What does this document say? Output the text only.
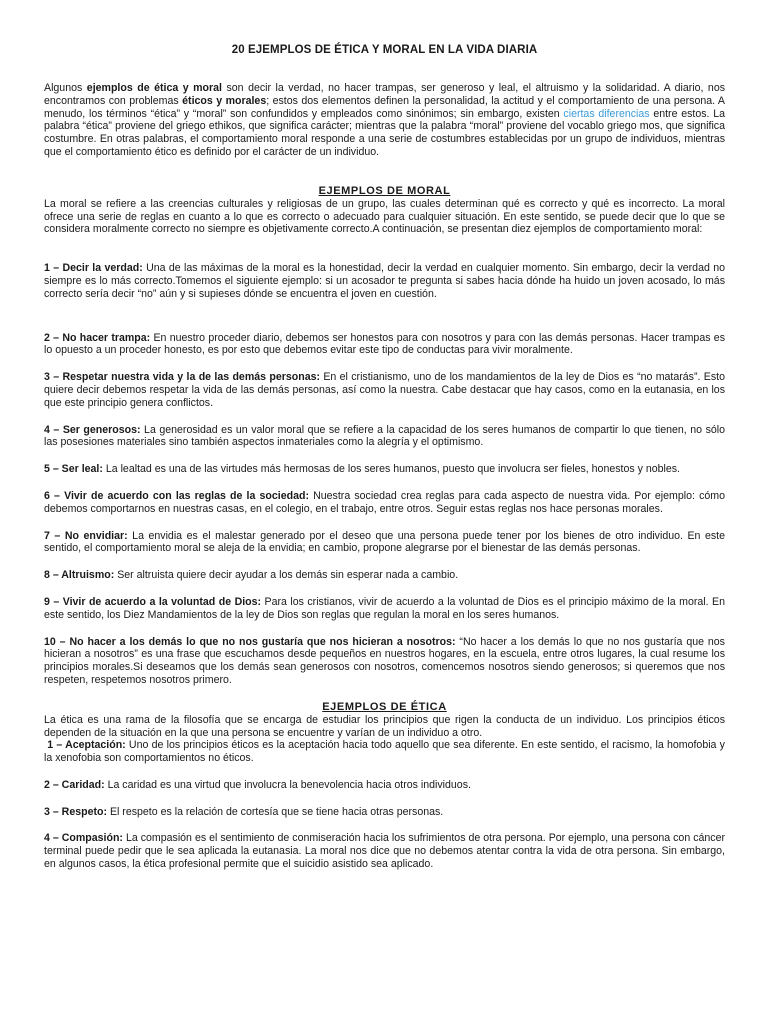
20 EJEMPLOS DE ÉTICA Y MORAL EN LA VIDA DIARIA

Algunos ejemplos de ética y moral son decir la verdad, no hacer trampas, ser generoso y leal, el altruismo y la solidaridad. A diario, nos encontramos con problemas éticos y morales; estos dos elementos definen la personalidad, la actitud y el comportamiento de una persona. A menudo, los términos “ética” y “moral” son confundidos y empleados como sinónimos; sin embargo, existen ciertas diferencias entre estos. La palabra “ética” proviene del griego ethikos, que significa carácter; mientras que la palabra “moral” proviene del vocablo griego mos, que significa costumbre. En otras palabras, el comportamiento moral responde a una serie de costumbres establecidas por un grupo de individuos, mientras que el comportamiento ético es definido por el carácter de un individuo.

EJEMPLOS DE MORAL

La moral se refiere a las creencias culturales y religiosas de un grupo, las cuales determinan qué es correcto y qué es incorrecto. La moral ofrece una serie de reglas en cuanto a lo que es correcto o adecuado para cualquier situación. En este sentido, se puede decir que lo que se considera moralmente correcto no siempre es objetivamente correcto.A continuación, se presentan diez ejemplos de comportamiento moral:

1 – Decir la verdad: Una de las máximas de la moral es la honestidad, decir la verdad en cualquier momento. Sin embargo, decir la verdad no siempre es lo más correcto.Tomemos el siguiente ejemplo: si un acosador te pregunta si sabes hacia dónde ha huido un joven acosado, lo más correcto sería decir “no” aún y si supieses dónde se encuentra el joven en cuestión.

2 – No hacer trampa: En nuestro proceder diario, debemos ser honestos para con nosotros y para con las demás personas. Hacer trampas es lo opuesto a un proceder honesto, es por esto que debemos evitar este tipo de conductas para vivir moralmente.

3 – Respetar nuestra vida y la de las demás personas: En el cristianismo, uno de los mandamientos de la ley de Dios es “no matarás”. Esto quiere decir debemos respetar la vida de las demás personas, así como la nuestra. Cabe destacar que hay casos, como en la eutanasia, en los que este principio genera conflictos.

4 – Ser generosos: La generosidad es un valor moral que se refiere a la capacidad de los seres humanos de compartir lo que tienen, no sólo las posesiones materiales sino también aspectos inmateriales como la alegría y el optimismo.

5 – Ser leal: La lealtad es una de las virtudes más hermosas de los seres humanos, puesto que involucra ser fieles, honestos y nobles.

6 – Vivir de acuerdo con las reglas de la sociedad: Nuestra sociedad crea reglas para cada aspecto de nuestra vida. Por ejemplo: cómo debemos comportarnos en nuestras casas, en el colegio, en el trabajo, entre otros. Seguir estas reglas nos hace personas morales.

7 – No envidiar: La envidia es el malestar generado por el deseo que una persona puede tener por los bienes de otro individuo. En este sentido, el comportamiento moral se aleja de la envidia; en cambio, propone alegrarse por el bienestar de las demás personas.

8 – Altruismo: Ser altruista quiere decir ayudar a los demás sin esperar nada a cambio.

9 – Vivir de acuerdo a la voluntad de Dios: Para los cristianos, vivir de acuerdo a la voluntad de Dios es el principio máximo de la moral. En este sentido, los Diez Mandamientos de la ley de Dios son reglas que regulan la moral en los seres humanos.

10 – No hacer a los demás lo que no nos gustaría que nos hicieran a nosotros: “No hacer a los demás lo que no nos gustaría que nos hicieran a nosotros” es una frase que escuchamos desde pequeños en nuestros hogares, en la escuela, entre otros lugares, la cual resume los principios morales.Si deseamos que los demás sean generosos con nosotros, comencemos nosotros siendo generosos; si queremos que nos respeten, respetemos nosotros primero.

EJEMPLOS DE ÉTICA

La ética es una rama de la filosofía que se encarga de estudiar los principios que rigen la conducta de un individuo. Los principios éticos dependen de la situación en la que una persona se encuentre y varían de un individuo a otro.

1 – Aceptación: Uno de los principios éticos es la aceptación hacia todo aquello que sea diferente. En este sentido, el racismo, la homofobia y la xenofobia son comportamientos no éticos.

2 – Caridad: La caridad es una virtud que involucra la benevolencia hacia otros individuos.

3 – Respeto: El respeto es la relación de cortesía que se tiene hacia otras personas.

4 – Compasión: La compasión es el sentimiento de conmiseración hacia los sufrimientos de otra persona. Por ejemplo, una persona con cáncer terminal puede pedir que le sea aplicada la eutanasia. La moral nos dice que no debemos atentar contra la vida de otra persona. Sin embargo, en algunos casos, la ética profesional permite que el suicidio asistido sea aplicado.
